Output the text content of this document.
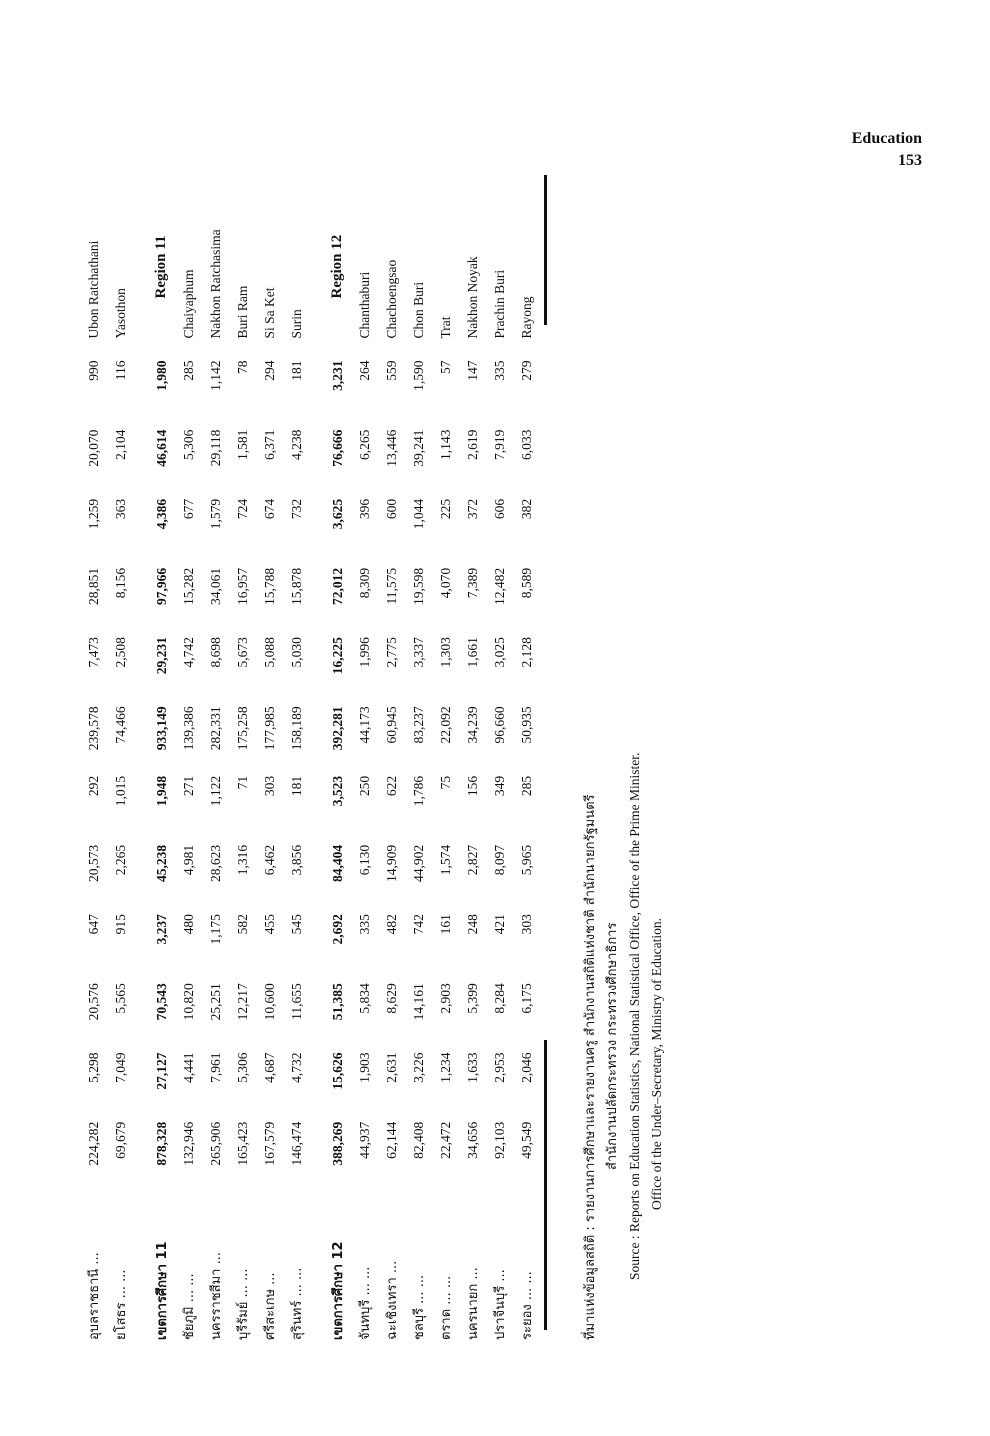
Education
153
อุบลราชธานี ...	224,282	5,298	20,576	647	20,573	292	239,578	7,473	28,851	1,259	20,070	990	Ubon Ratchathani
ยโสธร ... ...	69,679	7,049	5,565	915	2,265	1,015	74,466	2,508	8,156	363	2,104	116	Yasothon

เขตการศึกษา 11	878,328	27,127	70,543	3,237	45,238	1,948	933,149	29,231	97,966	4,386	46,614	1,980	Region 11
ชัยภูมิ ... ...	132,946	4,441	10,820	480	4,981	271	139,386	4,742	15,282	677	5,306	285	Chaiyaphum
นครราชสีมา ...	265,906	7,961	25,251	1,175	28,623	1,122	282,331	8,698	34,061	1,579	29,118	1,142	Nakhon Ratchasima
บุรีรัมย์ ... ...	165,423	5,306	12,217	582	1,316	71	175,258	5,673	16,957	724	1,581	78	Buri Ram
ศรีสะเกษ ...	167,579	4,687	10,600	455	6,462	303	177,985	5,088	15,788	674	6,371	294	Si Sa Ket
สุรินทร์ ... ...	146,474	4,732	11,655	545	3,856	181	158,189	5,030	15,878	732	4,238	181	Surin

เขตการศึกษา 12	388,269	15,626	51,385	2,692	84,404	3,523	392,281	16,225	72,012	3,625	76,666	3,231	Region 12
จันทบุรี ... ...	44,937	1,903	5,834	335	6,130	250	44,173	1,996	8,309	396	6,265	264	Chanthaburi
ฉะเชิงเทรา ...	62,144	2,631	8,629	482	14,909	622	60,945	2,775	11,575	600	13,446	559	Chachoengsao
ชลบุรี ... ...	82,408	3,226	14,161	742	44,902	1,786	83,237	3,337	19,598	1,044	39,241	1,590	Chon Buri
ตราด ... ...	22,472	1,234	2,903	161	1,574	75	22,092	1,303	4,070	225	1,143	57	Trat
นครนายก ...	34,656	1,633	5,399	248	2,827	156	34,239	1,661	7,389	372	2,619	147	Nakhon Noyak
ปราจีนบุรี ...	92,103	2,953	8,284	421	8,097	349	96,660	3,025	12,482	606	7,919	335	Prachin Buri
ระยอง ... ...	49,549	2,046	6,175	303	5,965	285	50,935	2,128	8,589	382	6,033	279	Rayong
ที่มาแห่งข้อมูลสถิติ : รายงานการศึกษาและรายงานครู สำนักงานสถิติแห่งชาติ สำนักนายกรัฐมนตรี สำนักงานปลัดกระทรวง กระทรวงศึกษาธิการ
Source : Reports on Education Statistics, National Statistical Office, Office of the Prime Minister. Office of the Under–Secretary, Ministry of Education.
